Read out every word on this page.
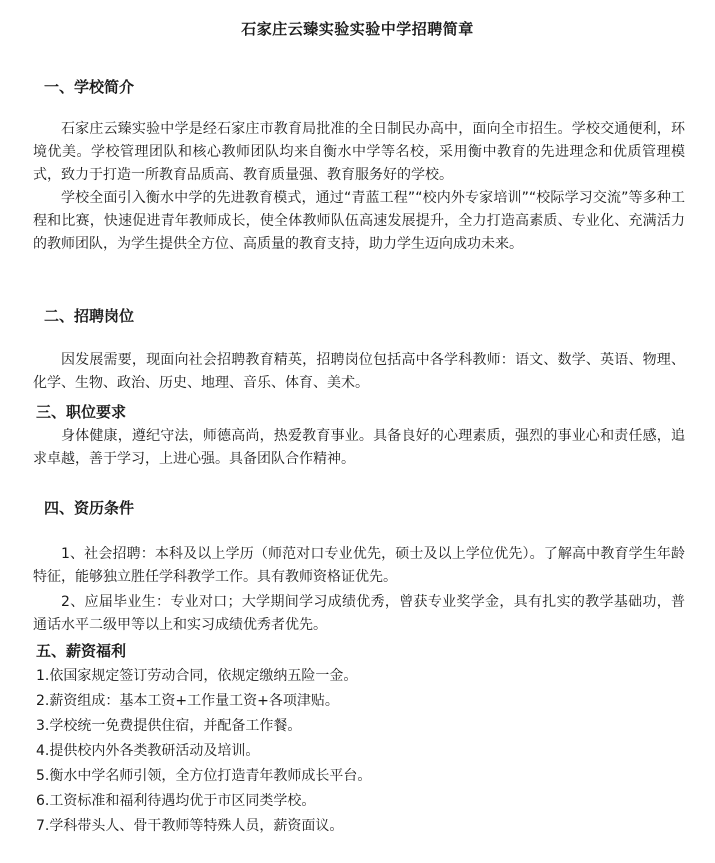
石家庄云臻实验实验中学招聘简章
一、学校简介
石家庄云臻实验中学是经石家庄市教育局批准的全日制民办高中，面向全市招生。学校交通便利，环境优美。学校管理团队和核心教师团队均来自衡水中学等名校，采用衡中教育的先进理念和优质管理模式，致力于打造一所教育品质高、教育质量强、教育服务好的学校。
学校全面引入衡水中学的先进教育模式，通过“青蓝工程”“校内外专家培训”“校际学习交流”等多种工程和比赛，快速促进青年教师成长，使全体教师队伍高速发展提升，全力打造高素质、专业化、充满活力的教师团队，为学生提供全方位、高质量的教育支持，助力学生迈向成功未来。
二、招聘岗位
因发展需要，现面向社会招聘教育精英，招聘岗位包括高中各学科教师：语文、数学、英语、物理、化学、生物、政治、历史、地理、音乐、体育、美术。
三、职位要求
身体健康，遵纪守法，师德高尚，热爱教育事业。具备良好的心理素质，强烈的事业心和责任感，追求卓越，善于学习，上进心强。具备团队合作精神。
四、资历条件
1、社会招聘：本科及以上学历（师范对口专业优先，硕士及以上学位优先）。了解高中教育学生年龄特征，能够独立胜任学科教学工作。具有教师资格证优先。
2、应届毕业生：专业对口；大学期间学习成绩优秀，曾获专业奖学金，具有扎实的教学基础功，普通话水平二级甲等以上和实习成绩优秀者优先。
五、薪资福利
1.依国家规定签订劳动合同，依规定缴纳五险一金。
2.薪资组成：基本工资+工作量工资+各项津贴。
3.学校统一免费提供住宿，并配备工作餐。
4.提供校内外各类教研活动及培训。
5.衡水中学名师引领，全方位打造青年教师成长平台。
6.工资标准和福利待遇均优于市区同类学校。
7.学科带头人、骨干教师等特殊人员，薪资面议。
